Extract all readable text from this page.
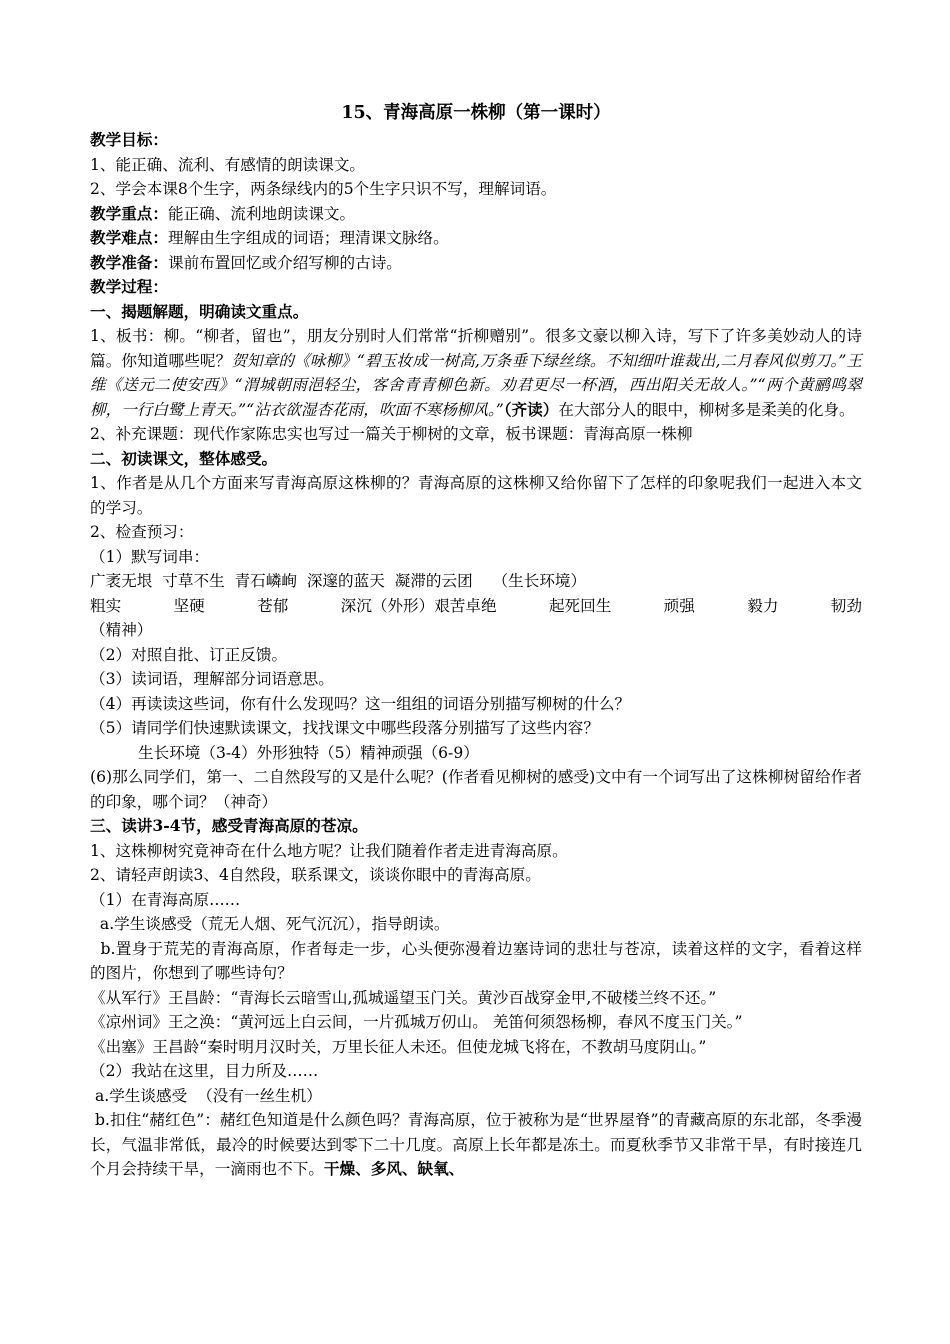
15、青海高原一株柳（第一课时）

教学目标：

1、能正确、流利、有感情的朗读课文。

2、学会本课8个生字，两条绿线内的5个生字只识不写，理解词语。

教学重点：能正确、流利地朗读课文。

教学难点：理解由生字组成的词语；理清课文脉络。

教学准备：课前布置回忆或介绍写柳的古诗。

教学过程：

一、揭题解题，明确读文重点。

1、板书：柳。“柳者，留也”，朋友分别时人们常常“折柳赠别”。很多文豪以柳入诗，写下了许多美妙动人的诗篇。你知道哪些呢？贺知章的《咏柳》“碧玉妆成一树高,万条垂下绿丝绦。不知细叶谁裁出,二月春风似剪刀。”王维《送元二使安西》“渭城朝雨浥轻尘，客舍青青柳色新。劝君更尽一杯酒，西出阳关无故人。”“两个黄鹂鸣翠柳，一行白鹭上青天。”“沾衣欲湿杏花雨，吹面不寒杨柳风。”（齐读）在大部分人的眼中，柳树多是柔美的化身。

2、补充课题：现代作家陈忠实也写过一篇关于柳树的文章，板书课题：青海高原一株柳

二、初读课文，整体感受。

1、作者是从几个方面来写青海高原这株柳的？青海高原的这株柳又给你留下了怎样的印象呢我们一起进入本文的学习。

2、检查预习：

（1）默写词串：

广袤无垠  寸草不生  青石嶙峋  深邃的蓝天  凝滞的云团    （生长环境）

粗实	坚硬	苍郁	深沉（外形）艰苦卓绝	起死回生	顽强	毅力	韧劲

（精神）

（2）对照自批、订正反馈。

（3）读词语，理解部分词语意思。

（4）再读读这些词，你有什么发现吗？这一组组的词语分别描写柳树的什么？

（5）请同学们快速默读课文，找找课文中哪些段落分别描写了这些内容？

生长环境（3-4）外形独特（5）精神顽强（6-9）

(6)那么同学们，第一、二自然段写的又是什么呢？(作者看见柳树的感受)文中有一个词写出了这株柳树留给作者的印象，哪个词？（神奇）

三、读讲3-4节，感受青海高原的苍凉。

1、这株柳树究竟神奇在什么地方呢？让我们随着作者走进青海高原。

2、请轻声朗读3、4自然段，联系课文，谈谈你眼中的青海高原。

（1）在青海高原……

a.学生谈感受（荒无人烟、死气沉沉），指导朗读。

b.置身于荒芜的青海高原，作者每走一步，心头便弥漫着边塞诗词的悲壮与苍凉，读着这样的文字，看着这样的图片，你想到了哪些诗句？

《从军行》王昌龄：“青海长云暗雪山,孤城遥望玉门关。黄沙百战穿金甲,不破楼兰终不还。”

《凉州词》王之涣：“黄河远上白云间，一片孤城万仞山。 羌笛何须怨杨柳，春风不度玉门关。”

《出塞》王昌龄“秦时明月汉时关，万里长征人未还。但使龙城飞将在，不教胡马度阴山。”

（2）我站在这里，目力所及……

a.学生谈感受  （没有一丝生机）

b.扣住“赭红色”：赭红色知道是什么颜色吗？青海高原，位于被称为是“世界屋脊”的青藏高原的东北部，冬季漫长，气温非常低，最冷的时候要达到零下二十几度。高原上长年都是冻土。而夏秋季节又非常干旱，有时接连几个月会持续干旱，一滴雨也不下。干燥、多风、缺氧、
